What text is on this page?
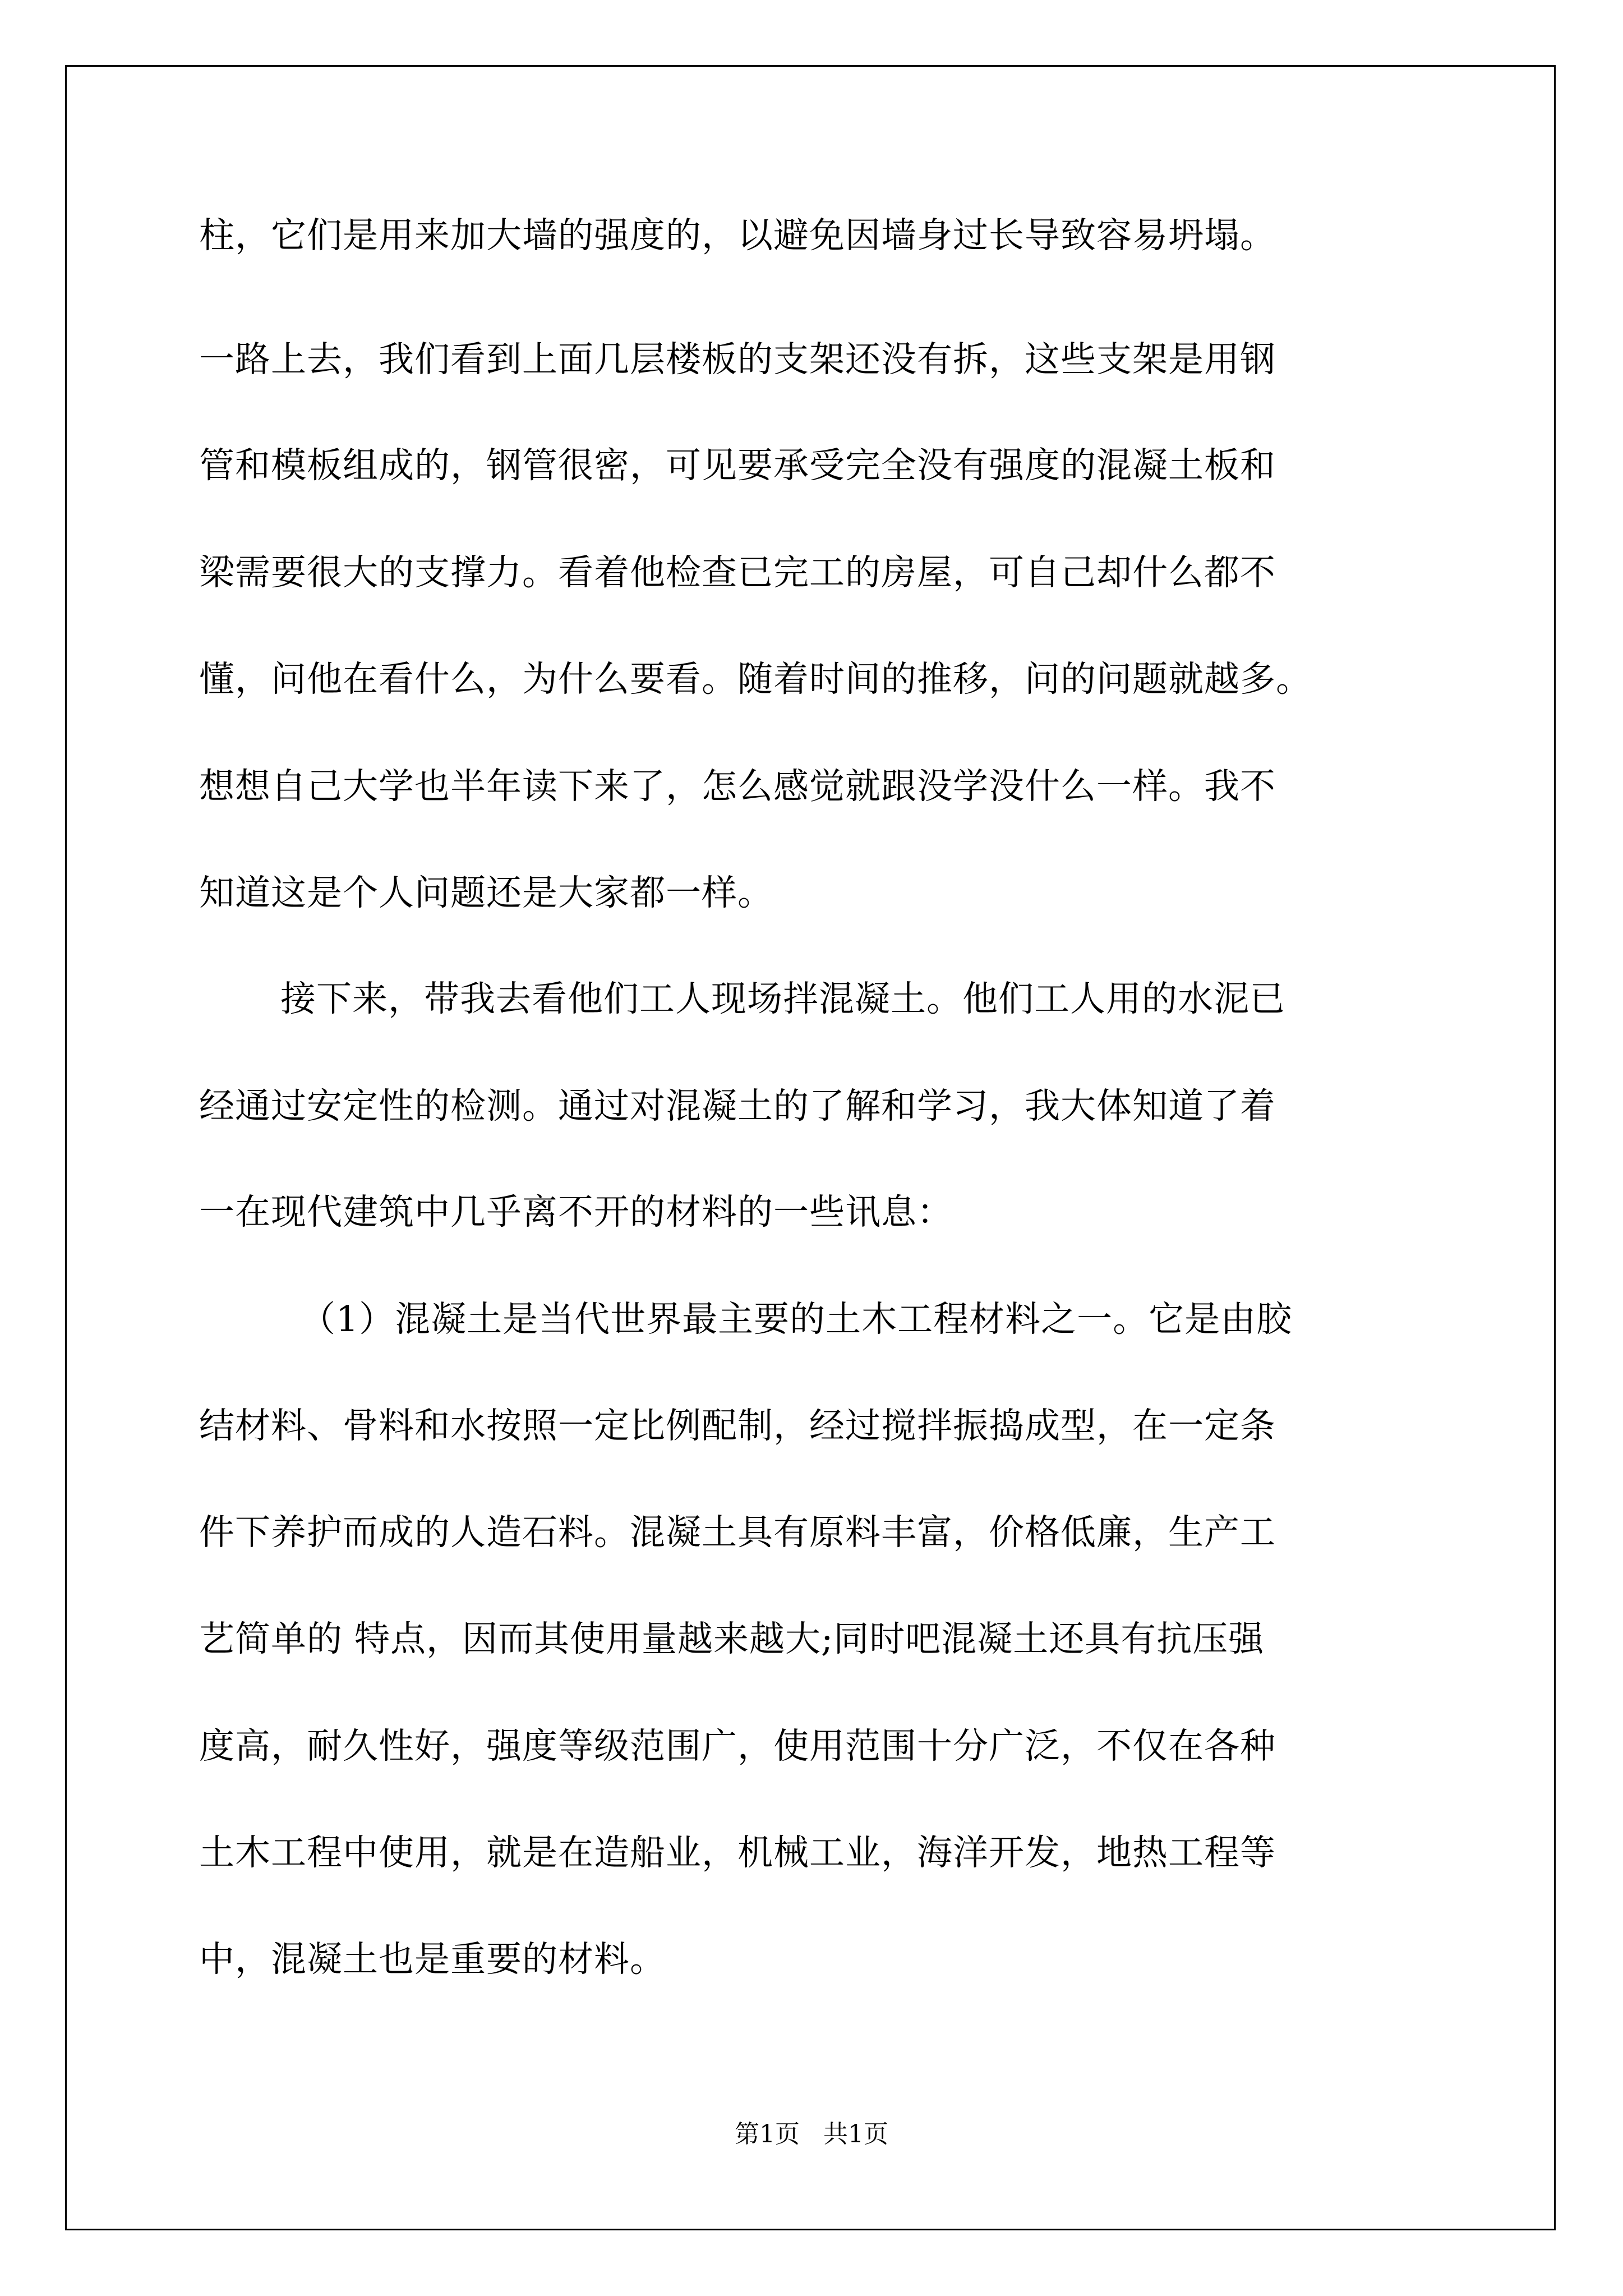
柱，它们是用来加大墙的强度的，以避免因墙身过长导致容易坍塌。
一路上去，我们看到上面几层楼板的支架还没有拆，这些支架是用钢
管和模板组成的，钢管很密，可见要承受完全没有强度的混凝土板和
梁需要很大的支撑力。看着他检查已完工的房屋，可自己却什么都不
懂，问他在看什么，为什么要看。随着时间的推移，问的问题就越多。
想想自己大学也半年读下来了，怎么感觉就跟没学没什么一样。我不
知道这是个人问题还是大家都一样。
接下来，带我去看他们工人现场拌混凝土。他们工人用的水泥已
经通过安定性的检测。通过对混凝土的了解和学习，我大体知道了着
一在现代建筑中几乎离不开的材料的一些讯息：
（1）混凝土是当代世界最主要的土木工程材料之一。它是由胶
结材料、骨料和水按照一定比例配制，经过搅拌振捣成型，在一定条
件下养护而成的人造石料。混凝土具有原料丰富，价格低廉，生产工
艺简单的 特点，因而其使用量越来越大;同时吧混凝土还具有抗压强
度高，耐久性好，强度等级范围广，使用范围十分广泛，不仅在各种
土木工程中使用，就是在造船业，机械工业，海洋开发，地热工程等
中，混凝土也是重要的材料。
第1页   共1页
